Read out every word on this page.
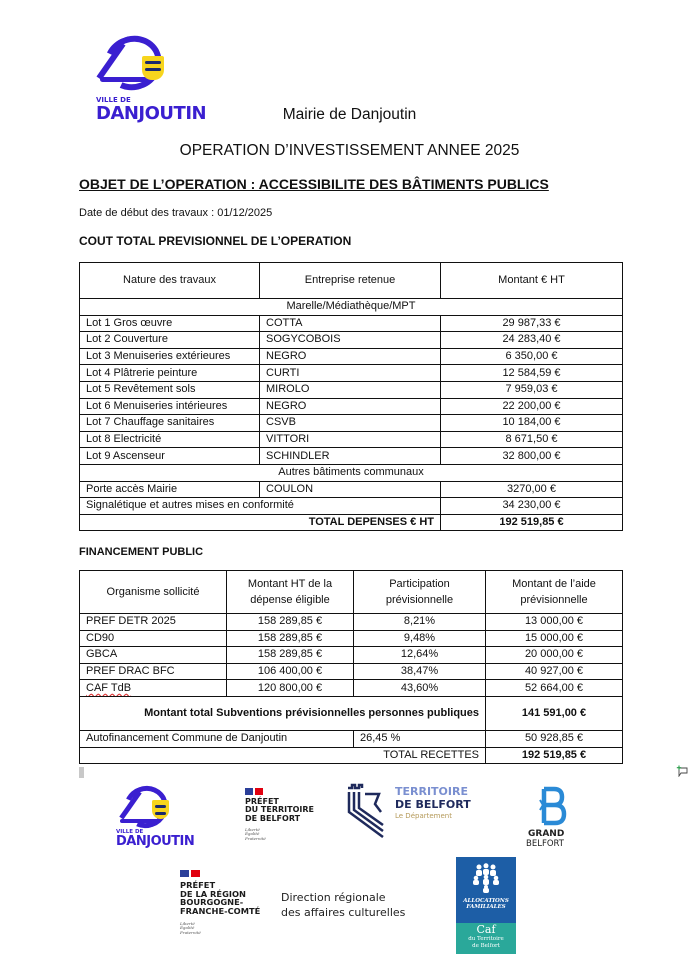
VILLE DE
DANJOUTIN	Mairie de Danjoutin
OPERATION D’INVESTISSEMENT ANNEE 2025
OBJET DE L’OPERATION : ACCESSIBILITE DES BÂTIMENTS PUBLICS
Date de début des travaux : 01/12/2025
COUT TOTAL PREVISIONNEL DE L’OPERATION
Nature des travaux	Entreprise retenue	Montant € HT
Marelle/Médiathèque/MPT		
Lot 1 Gros œuvre	COTTA	29 987,33 €
Lot 2 Couverture	SOGYCOBOIS	24 283,40 €
Lot 3 Menuiseries extérieures	NEGRO	6 350,00 €
Lot 4 Plâtrerie peinture	CURTI	12 584,59 €
Lot 5 Revêtement sols	MIROLO	7 959,03 €
Lot 6 Menuiseries intérieures	NEGRO	22 200,00 €
Lot 7 Chauffage sanitaires	CSVB	10 184,00 €
Lot 8 Electricité	VITTORI	8 671,50 €
Lot 9 Ascenseur	SCHINDLER	32 800,00 €
Autres bâtiments communaux		
Porte accès Mairie	COULON	3270,00 €
Signalétique et autres mises en conformité		34 230,00 €
TOTAL DEPENSES € HT		192 519,85 €
FINANCEMENT PUBLIC
Organisme sollicité	Montant HT de la dépense éligible	Participation prévisionnelle	Montant de l’aide prévisionnelle
PREF DETR 2025	158 289,85 €	8,21%	13 000,00 €
CD90	158 289,85 €	9,48%	15 000,00 €
GBCA	158 289,85 €	12,64%	20 000,00 €
PREF DRAC BFC	106 400,00 €	38,47%	40 927,00 €
CAF TdB	120 800,00 €	43,60%	52 664,00 €
Montant total Subventions prévisionnelles personnes publiques			141 591,00 €
Autofinancement Commune de Danjoutin		26,45 %	50 928,85 €
TOTAL RECETTES			192 519,85 €
VILLE DE
DANJOUTIN
PRÉFET
DU TERRITOIRE
DE BELFORT
Liberté
Égalité
Fraternité
TERRITOIRE
DE BELFORT
Le Département
GRAND
BELFORT
PRÉFET
DE LA RÉGION
BOURGOGNE-
FRANCHE-COMTÉ
Liberté
Égalité
Fraternité
Direction régionale
des affaires culturelles
ALLOCATIONS
FAMILIALES
Caf
du Territoire
de Belfort
